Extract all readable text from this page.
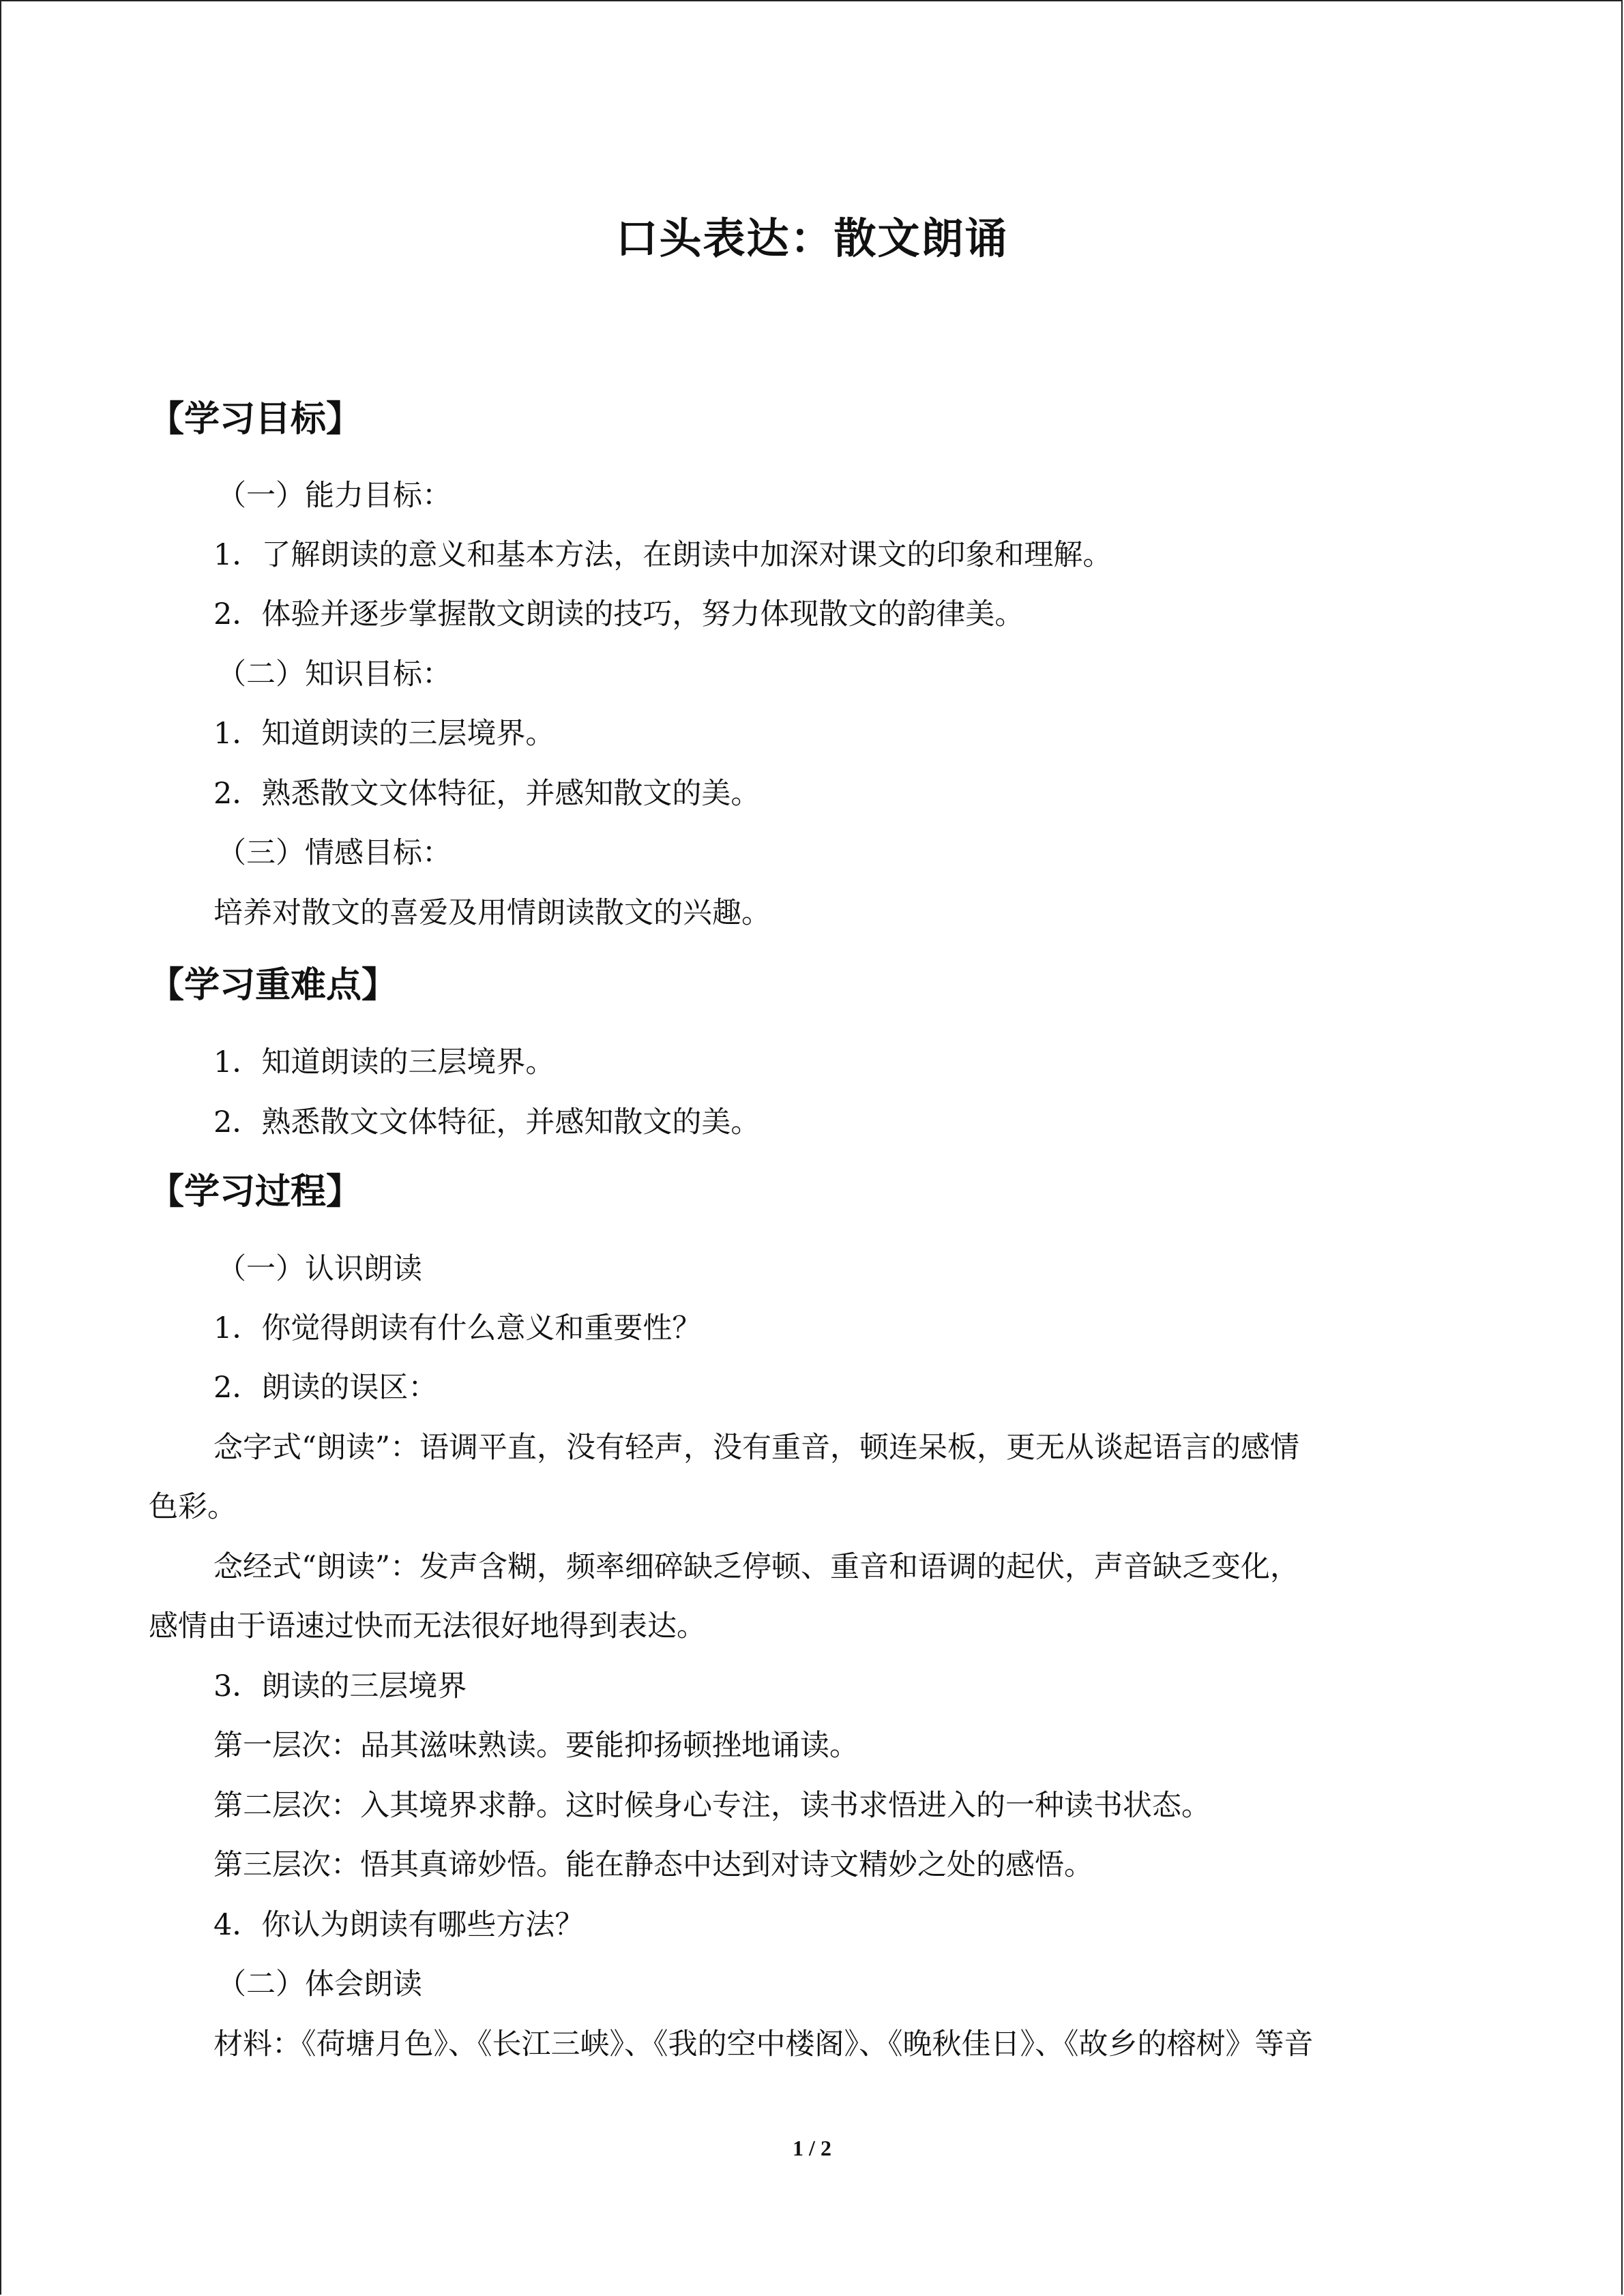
口头表达：散文朗诵
【学习目标】
（一）能力目标：
1．了解朗读的意义和基本方法，在朗读中加深对课文的印象和理解。
2．体验并逐步掌握散文朗读的技巧，努力体现散文的韵律美。
（二）知识目标：
1．知道朗读的三层境界。
2．熟悉散文文体特征，并感知散文的美。
（三）情感目标：
培养对散文的喜爱及用情朗读散文的兴趣。
【学习重难点】
1．知道朗读的三层境界。
2．熟悉散文文体特征，并感知散文的美。
【学习过程】
（一）认识朗读
1．你觉得朗读有什么意义和重要性？
2．朗读的误区：
念字式“朗读”：语调平直，没有轻声，没有重音，顿连呆板，更无从谈起语言的感情
色彩。
念经式“朗读”：发声含糊，频率细碎缺乏停顿、重音和语调的起伏，声音缺乏变化，
感情由于语速过快而无法很好地得到表达。
3．朗读的三层境界
第一层次：品其滋味熟读。要能抑扬顿挫地诵读。
第二层次：入其境界求静。这时候身心专注，读书求悟进入的一种读书状态。
第三层次：悟其真谛妙悟。能在静态中达到对诗文精妙之处的感悟。
4．你认为朗读有哪些方法？
（二）体会朗读
材料：《荷塘月色》、《长江三峡》、《我的空中楼阁》、《晚秋佳日》、《故乡的榕树》等音
1 / 2
